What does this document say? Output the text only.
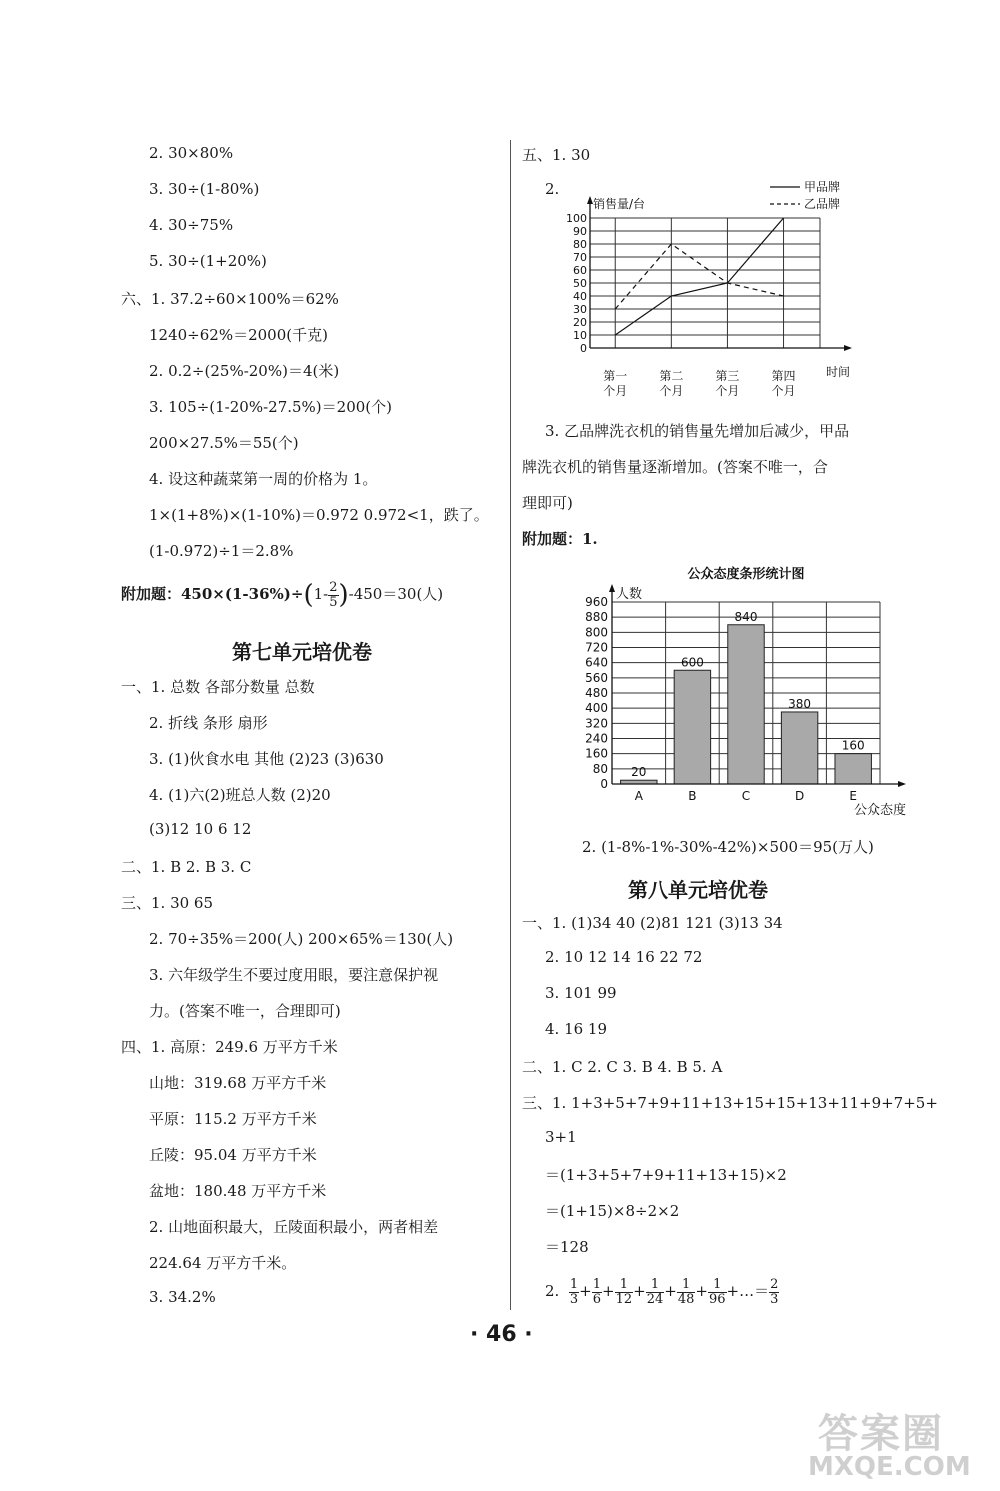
2. 30×80%
3. 30÷(1-80%)
4. 30÷75%
5. 30÷(1+20%)
六、1. 37.2÷60×100%＝62%
1240÷62%＝2000(千克)
2. 0.2÷(25%-20%)＝4(米)
3. 105÷(1-20%-27.5%)＝200(个)
200×27.5%＝55(个)
4. 设这种蔬菜第一周的价格为 1。
1×(1+8%)×(1-10%)＝0.972 0.972<1，跌了。
(1-0.972)÷1＝2.8%
附加题：$450\times(1-36\%)\div(1- \frac{2}{5} )-450=30$(人)
第七单元培优卷
一、1. 总数 各部分数量 总数
2. 折线 条形 扇形
3. (1)伙食水电 其他 (2)23 (3)630
4. (1)六(2)班总人数 (2)20
(3)12 10 6 12
二、1. B 2. B 3. C
三、1. 30 65
2. 70÷35%＝200(人) 200×65%＝130(人)
3. 六年级学生不要过度用眼，要注意保护视
力。(答案不唯一，合理即可)
四、1. 高原：249.6 万平方千米
山地：319.68 万平方千米
平原：115.2 万平方千米
丘陵：95.04 万平方千米
盆地：180.48 万平方千米
2. 山地面积最大，丘陵面积最小，两者相差
224.64 万平方千米。
3. 34.2%
五、1. 30
2.
0
10
20
30
40
50
60
70
80
90
100
销售量/台
时间
第一
个月
第二
个月
第三
个月
第四
个月
甲品牌
乙品牌
3. 乙品牌洗衣机的销售量先增加后减少，甲品
牌洗衣机的销售量逐渐增加。(答案不唯一，合
理即可)
附加题：1.
公众态度条形统计图
0
80
160
240
320
400
480
560
640
720
800
880
960
20
A
600
B
840
C
380
D
160
E
人数
公众态度
2. (1-8%-1%-30%-42%)×500＝95(万人)
第八单元培优卷
一、1. (1)34 40 (2)81 121 (3)13 34
2. 10 12 14 16 22 72
3. 101 99
4. 16 19
二、1. C 2. C 3. B 4. B 5. A
三、1. 1+3+5+7+9+11+13+15+15+13+11+9+7+5+
3+1
＝(1+3+5+7+9+11+13+15)×2
＝(1+15)×8÷2×2
＝128
2. $\frac{1}{3} + \frac{1}{6} + \frac{1}{12} + \frac{1}{24} + \frac{1}{48} + \frac{1}{96}$ +…＝ $\frac{2}{3}$
· 46 ·
答案圈
MXQE.COM
